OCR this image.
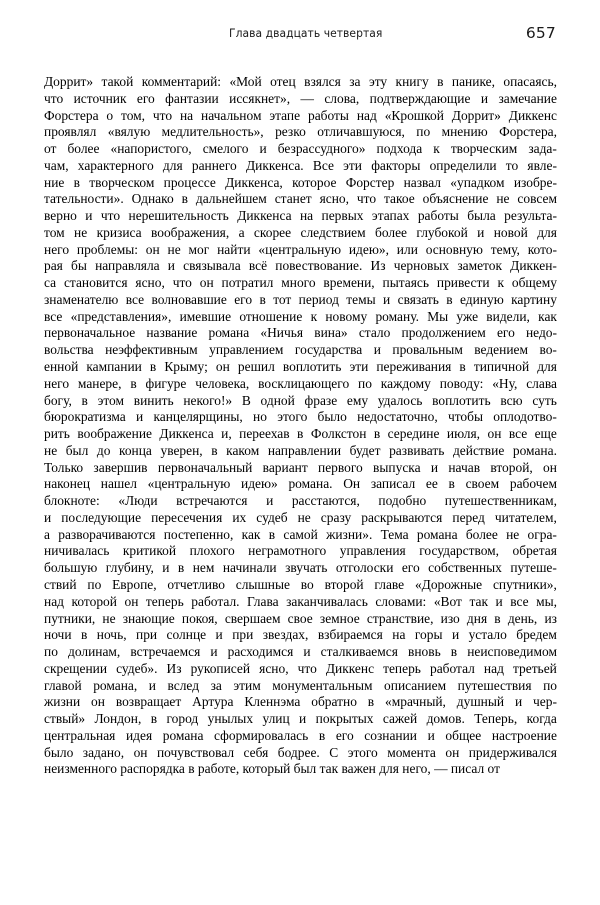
Глава двадцать четвертая	657
Доррит» такой комментарий: «Мой отец взялся за эту книгу в панике, опасаясь,
что источник его фантазии иссякнет», — слова, подтверждающие и замечание
Форстера о том, что на начальном этапе работы над «Крошкой Доррит» Диккенс
проявлял «вялую медлительность», резко отличавшуюся, по мнению Форстера,
от более «напористого, смелого и безрассудного» подхода к творческим зада-
чам, характерного для раннего Диккенса. Все эти факторы определили то явле-
ние в творческом процессе Диккенса, которое Форстер назвал «упадком изобре-
тательности». Однако в дальнейшем станет ясно, что такое объяснение не совсем
верно и что нерешительность Диккенса на первых этапах работы была результа-
том не кризиса воображения, а скорее следствием более глубокой и новой для
него проблемы: он не мог найти «центральную идею», или основную тему, кото-
рая бы направляла и связывала всё повествование. Из черновых заметок Диккен-
са становится ясно, что он потратил много времени, пытаясь привести к общему
знаменателю все волновавшие его в тот период темы и связать в единую картину
все «представления», имевшие отношение к новому роману. Мы уже видели, как
первоначальное название романа «Ничья вина» стало продолжением его недо-
вольства неэффективным управлением государства и провальным ведением во-
енной кампании в Крыму; он решил воплотить эти переживания в типичной для
него манере, в фигуре человека, восклицающего по каждому поводу: «Ну, слава
богу, в этом винить некого!» В одной фразе ему удалось воплотить всю суть
бюрократизма и канцелярщины, но этого было недостаточно, чтобы оплодотво-
рить воображение Диккенса и, переехав в Фолкстон в середине июля, он все еще
не был до конца уверен, в каком направлении будет развивать действие романа.
Только завершив первоначальный вариант первого выпуска и начав второй, он
наконец нашел «центральную идею» романа. Он записал ее в своем рабочем
блокноте: «Люди встречаются и расстаются, подобно путешественникам,
и последующие пересечения их судеб не сразу раскрываются перед читателем,
а разворачиваются постепенно, как в самой жизни». Тема романа более не огра-
ничивалась критикой плохого неграмотного управления государством, обретая
большую глубину, и в нем начинали звучать отголоски его собственных путеше-
ствий по Европе, отчетливо слышные во второй главе «Дорожные спутники»,
над которой он теперь работал. Глава заканчивалась словами: «Вот так и все мы,
путники, не знающие покоя, свершаем свое земное странствие, изо дня в день, из
ночи в ночь, при солнце и при звездах, взбираемся на горы и устало бредем
по долинам, встречаемся и расходимся и сталкиваемся вновь в неисповедимом
скрещении судеб». Из рукописей ясно, что Диккенс теперь работал над третьей
главой романа, и вслед за этим монументальным описанием путешествия по
жизни он возвращает Артура Кленнэма обратно в «мрачный, душный и чер-
ствый» Лондон, в город унылых улиц и покрытых сажей домов. Теперь, когда
центральная идея романа сформировалась в его сознании и общее настроение
было задано, он почувствовал себя бодрее. С этого момента он придерживался
неизменного распорядка в работе, который был так важен для него, — писал от
